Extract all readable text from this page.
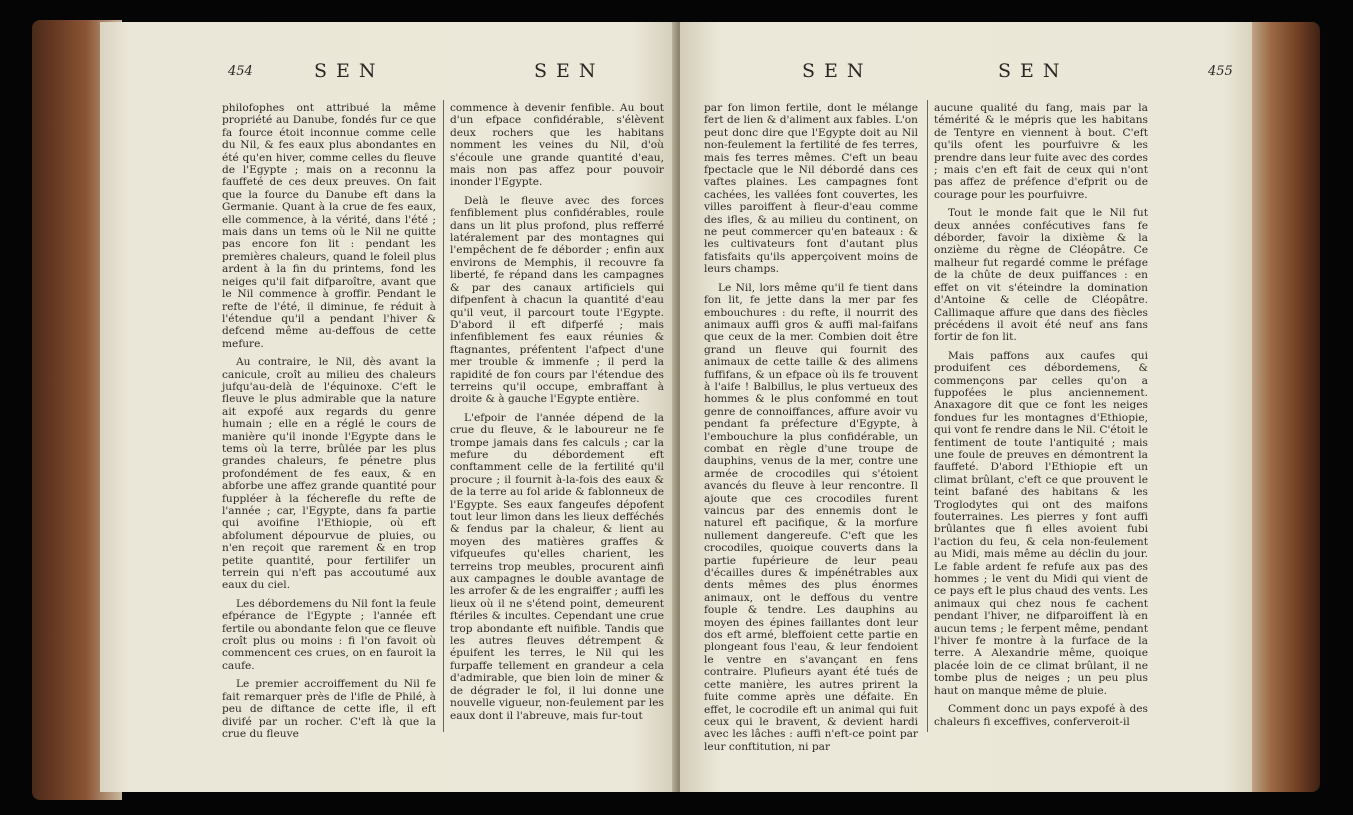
454	SEN	SEN

philofophes ont attribué la même propriété au Danube, fondés fur ce que fa fource étoit inconnue comme celle du Nil, & fes eaux plus abondantes en été qu'en hiver, comme celles du fleuve de l'Egypte ; mais on a reconnu la fauffeté de ces deux preuves. On fait que la fource du Danube eft dans la Germanie. Quant à la crue de fes eaux, elle commence, à la vérité, dans l'été ; mais dans un tems où le Nil ne quitte pas encore fon lit : pendant les premières chaleurs, quand le foleil plus ardent à la fin du printems, fond les neiges qu'il fait difparoître, avant que le Nil commence à groffir. Pendant le refte de l'été, il diminue, fe réduit à l'étendue qu'il a pendant l'hiver & defcend même au-deffous de cette mefure.

Au contraire, le Nil, dès avant la canicule, croît au milieu des chaleurs jufqu'au-delà de l'équinoxe. C'eft le fleuve le plus admirable que la nature ait expofé aux regards du genre humain ; elle en a réglé le cours de manière qu'il inonde l'Egypte dans le tems où la terre, brûlée par les plus grandes chaleurs, fe pénetre plus profondément de fes eaux, & en abforbe une affez grande quantité pour fuppléer à la fécherefle du refte de l'année ; car, l'Egypte, dans fa partie qui avoifine l'Ethiopie, où eft abfolument dépourvue de pluies, ou n'en reçoit que rarement & en trop petite quantité, pour fertilifer un terrein qui n'eft pas accoutumé aux eaux du ciel.

Les débordemens du Nil font la feule efpérance de l'Egypte ; l'année eft fertile ou abondante felon que ce fleuve croît plus ou moins : fi l'on favoit où commencent ces crues, on en fauroit la caufe.

Le premier accroiffement du Nil fe fait remarquer près de l'ifle de Philé, à peu de diftance de cette ifle, il eft divifé par un rocher. C'eft là que la crue du fleuve

commence à devenir fenfible. Au bout d'un efpace confidérable, s'élèvent deux rochers que les habitans nomment les veines du Nil, d'où s'écoule une grande quantité d'eau, mais non pas affez pour pouvoir inonder l'Egypte.

Delà le fleuve avec des forces fenfiblement plus confidérables, roule dans un lit plus profond, plus refferré latéralement par des montagnes qui l'empêchent de fe déborder ; enfin aux environs de Memphis, il recouvre fa liberté, fe répand dans les campagnes & par des canaux artificiels qui difpenfent à chacun la quantité d'eau qu'il veut, il parcourt toute l'Egypte. D'abord il eft difperfé ; mais infenfiblement fes eaux réunies & ftagnantes, préfentent l'afpect d'une mer trouble & immenfe ; il perd la rapidité de fon cours par l'étendue des terreins qu'il occupe, embraffant à droite & à gauche l'Egypte entière.

L'efpoir de l'année dépend de la crue du fleuve, & le laboureur ne fe trompe jamais dans fes calculs ; car la mefure du débordement eft conftamment celle de la fertilité qu'il procure ; il fournit à-la-fois des eaux & de la terre au fol aride & fablonneux de l'Egypte. Ses eaux fangeufes dépofent tout leur limon dans les lieux defféchés & fendus par la chaleur, & lient au moyen des matières graffes & vifqueufes qu'elles charient, les terreins trop meubles, procurent ainfi aux campagnes le double avantage de les arrofer & de les engraiffer ; auffi les lieux où il ne s'étend point, demeurent ftériles & incultes. Cependant une crue trop abondante eft nuifible. Tandis que les autres fleuves détrempent & épuifent les terres, le Nil qui les furpaffe tellement en grandeur a cela d'admirable, que bien loin de miner & de dégrader le fol, il lui donne une nouvelle vigueur, non-feulement par les eaux dont il l'abreuve, mais fur-tout

SEN	SEN	455

par fon limon fertile, dont le mélange fert de lien & d'aliment aux fables. L'on peut donc dire que l'Egypte doit au Nil non-feulement la fertilité de fes terres, mais fes terres mêmes. C'eft un beau fpectacle que le Nil débordé dans ces vaftes plaines. Les campagnes font cachées, les vallées font couvertes, les villes paroiffent à fleur-d'eau comme des ifles, & au milieu du continent, on ne peut commercer qu'en bateaux : & les cultivateurs font d'autant plus fatisfaits qu'ils apperçoivent moins de leurs champs.

Le Nil, lors même qu'il fe tient dans fon lit, fe jette dans la mer par fes embouchures : du refte, il nourrit des animaux auffi gros & auffi mal-faifans que ceux de la mer. Combien doit être grand un fleuve qui fournit des animaux de cette taille & des alimens fuffifans, & un efpace où ils fe trouvent à l'aife ! Balbillus, le plus vertueux des hommes & le plus confommé en tout genre de connoiffances, affure avoir vu pendant fa préfecture d'Egypte, à l'embouchure la plus confidérable, un combat en règle d'une troupe de dauphins, venus de la mer, contre une armée de crocodiles qui s'étoient avancés du fleuve à leur rencontre. Il ajoute que ces crocodiles furent vaincus par des ennemis dont le naturel eft pacifique, & la morfure nullement dangereufe. C'eft que les crocodiles, quoique couverts dans la partie fupérieure de leur peau d'écailles dures & impénétrables aux dents mêmes des plus énormes animaux, ont le deffous du ventre fouple & tendre. Les dauphins au moyen des épines faillantes dont leur dos eft armé, bleffoient cette partie en plongeant fous l'eau, & leur fendoient le ventre en s'avançant en fens contraire. Plufieurs ayant été tués de cette manière, les autres prirent la fuite comme après une défaite. En effet, le cocrodile eft un animal qui fuit ceux qui le bravent, & devient hardi avec les lâches : auffi n'eft-ce point par leur conftitution, ni par

aucune qualité du fang, mais par la témérité & le mépris que les habitans de Tentyre en viennent à bout. C'eft qu'ils ofent les pourfuivre & les prendre dans leur fuite avec des cordes ; mais c'en eft fait de ceux qui n'ont pas affez de préfence d'efprit ou de courage pour les pourfuivre.

Tout le monde fait que le Nil fut deux années confécutives fans fe déborder, favoir la dixième & la onzième du règne de Cléopâtre. Ce malheur fut regardé comme le préfage de la chûte de deux puiffances : en effet on vit s'éteindre la domination d'Antoine & celle de Cléopâtre. Callimaque affure que dans des fiècles précédens il avoit été neuf ans fans fortir de fon lit.

Mais paffons aux caufes qui produifent ces débordemens, & commençons par celles qu'on a fuppofées le plus anciennement. Anaxagore dit que ce font les neiges fondues fur les montagnes d'Ethiopie, qui vont fe rendre dans le Nil. C'étoit le fentiment de toute l'antiquité ; mais une foule de preuves en démontrent la fauffeté. D'abord l'Ethiopie eft un climat brûlant, c'eft ce que prouvent le teint bafané des habitans & les Troglodytes qui ont des maifons fouterraines. Les pierres y font auffi brûlantes que fi elles avoient fubi l'action du feu, & cela non-feulement au Midi, mais même au déclin du jour. Le fable ardent fe refufe aux pas des hommes ; le vent du Midi qui vient de ce pays eft le plus chaud des vents. Les animaux qui chez nous fe cachent pendant l'hiver, ne difparoiffent là en aucun tems ; le ferpent même, pendant l'hiver fe montre à la furface de la terre. A Alexandrie même, quoique placée loin de ce climat brûlant, il ne tombe plus de neiges ; un peu plus haut on manque même de pluie.

Comment donc un pays expofé à des chaleurs fi exceffives, conferveroit-il
